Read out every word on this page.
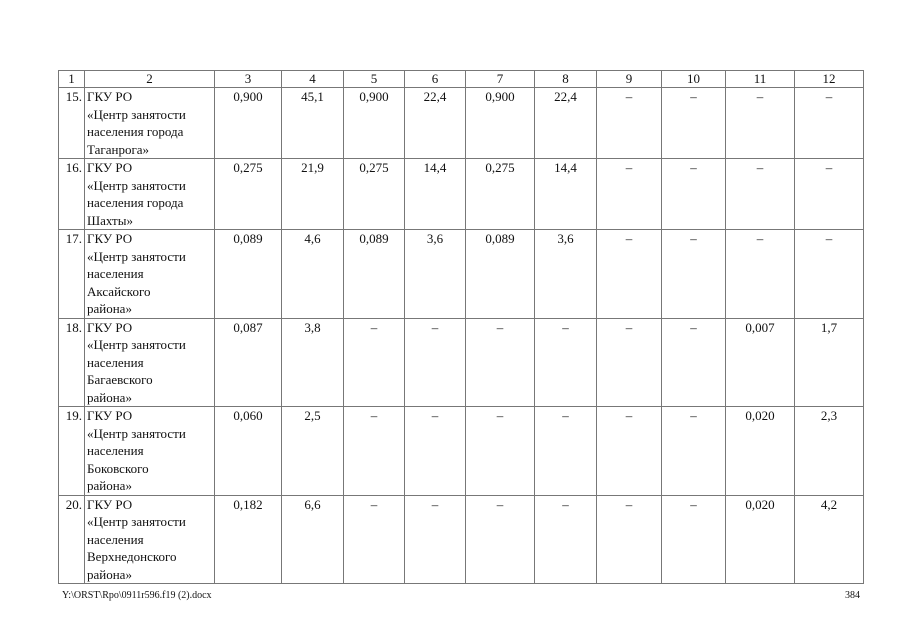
1	2	3	4	5	6	7	8	9	10	11	12
15.	ГКУ РО
«Центр занятости
населения города
Таганрога»	0,900	45,1	0,900	22,4	0,900	22,4	–	–	–	–
16.	ГКУ РО
«Центр занятости
населения города
Шахты»	0,275	21,9	0,275	14,4	0,275	14,4	–	–	–	–
17.	ГКУ РО
«Центр занятости
населения
Аксайского
района»	0,089	4,6	0,089	3,6	0,089	3,6	–	–	–	–
18.	ГКУ РО
«Центр занятости
населения
Багаевского
района»	0,087	3,8	–	–	–	–	–	–	0,007	1,7
19.	ГКУ РО
«Центр занятости
населения
Боковского
района»	0,060	2,5	–	–	–	–	–	–	0,020	2,3
20.	ГКУ РО
«Центр занятости
населения
Верхнедонского
района»	0,182	6,6	–	–	–	–	–	–	0,020	4,2
Y:\ORST\Rpo\0911r596.f19 (2).docx	384
